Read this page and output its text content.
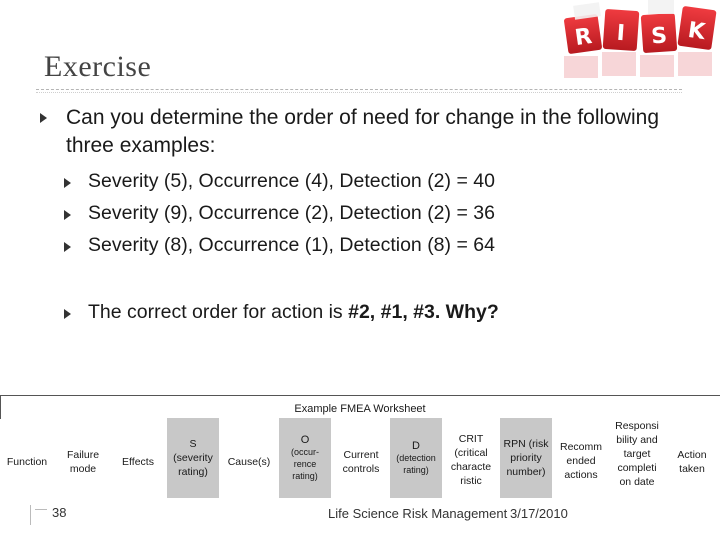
Exercise
R I S K
Can you determine the order of need for change in the following three examples:
Severity (5), Occurrence (4), Detection (2) = 40
Severity (9), Occurrence (2), Detection (2) = 36
Severity (8), Occurrence (1), Detection (8) = 64
The correct order for action is #2, #1, #3. Why?
Example FMEA Worksheet
Function
Failure mode
Effects
S
(severity rating)
Cause(s)
O
(occur-rence rating)
Current controls
D
(detection rating)
CRIT (critical characte ristic
RPN (risk priority number)
Recomm ended actions
Responsi bility and target completi on date
Action taken
38	Life Science Risk Management 3/17/2010
